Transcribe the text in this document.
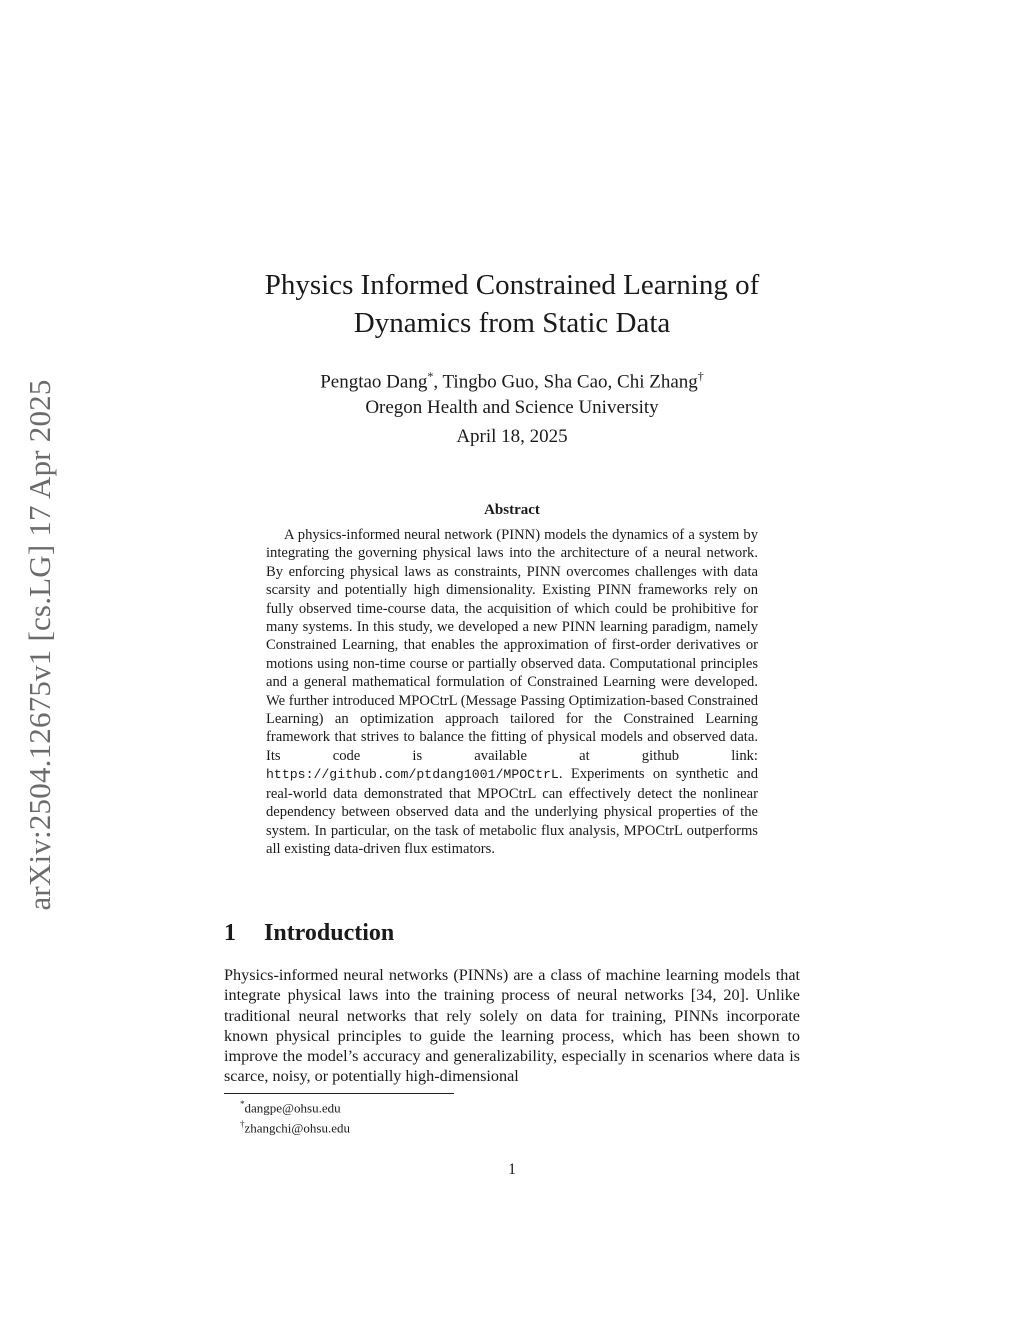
arXiv:2504.12675v1 [cs.LG] 17 Apr 2025
Physics Informed Constrained Learning of
Dynamics from Static Data
Pengtao Dang*, Tingbo Guo, Sha Cao, Chi Zhang†
Oregon Health and Science University
April 18, 2025
Abstract
A physics-informed neural network (PINN) models the dynamics of a system by integrating the governing physical laws into the architecture of a neural network. By enforcing physical laws as constraints, PINN overcomes challenges with data scarsity and potentially high dimensionality. Existing PINN frameworks rely on fully observed time-course data, the acquisition of which could be prohibitive for many systems. In this study, we developed a new PINN learning paradigm, namely Constrained Learning, that enables the approximation of first-order derivatives or motions using non-time course or partially observed data. Computational principles and a general mathematical formulation of Constrained Learning were developed. We further introduced MPOCtrL (Message Passing Optimization-based Constrained Learning) an optimization approach tailored for the Constrained Learning framework that strives to balance the fitting of physical models and observed data. Its code is available at github link: https://github.com/ptdang1001/MPOCtrL. Experiments on synthetic and real-world data demonstrated that MPOCtrL can effectively detect the nonlinear dependency between observed data and the underlying physical properties of the system. In particular, on the task of metabolic flux analysis, MPOCtrL outperforms all existing data-driven flux estimators.
1 Introduction
Physics-informed neural networks (PINNs) are a class of machine learning models that integrate physical laws into the training process of neural networks [34, 20]. Unlike traditional neural networks that rely solely on data for training, PINNs incorporate known physical principles to guide the learning process, which has been shown to improve the model’s accuracy and generalizability, especially in scenarios where data is scarce, noisy, or potentially high-dimensional
*dangpe@ohsu.edu
†zhangchi@ohsu.edu
1
